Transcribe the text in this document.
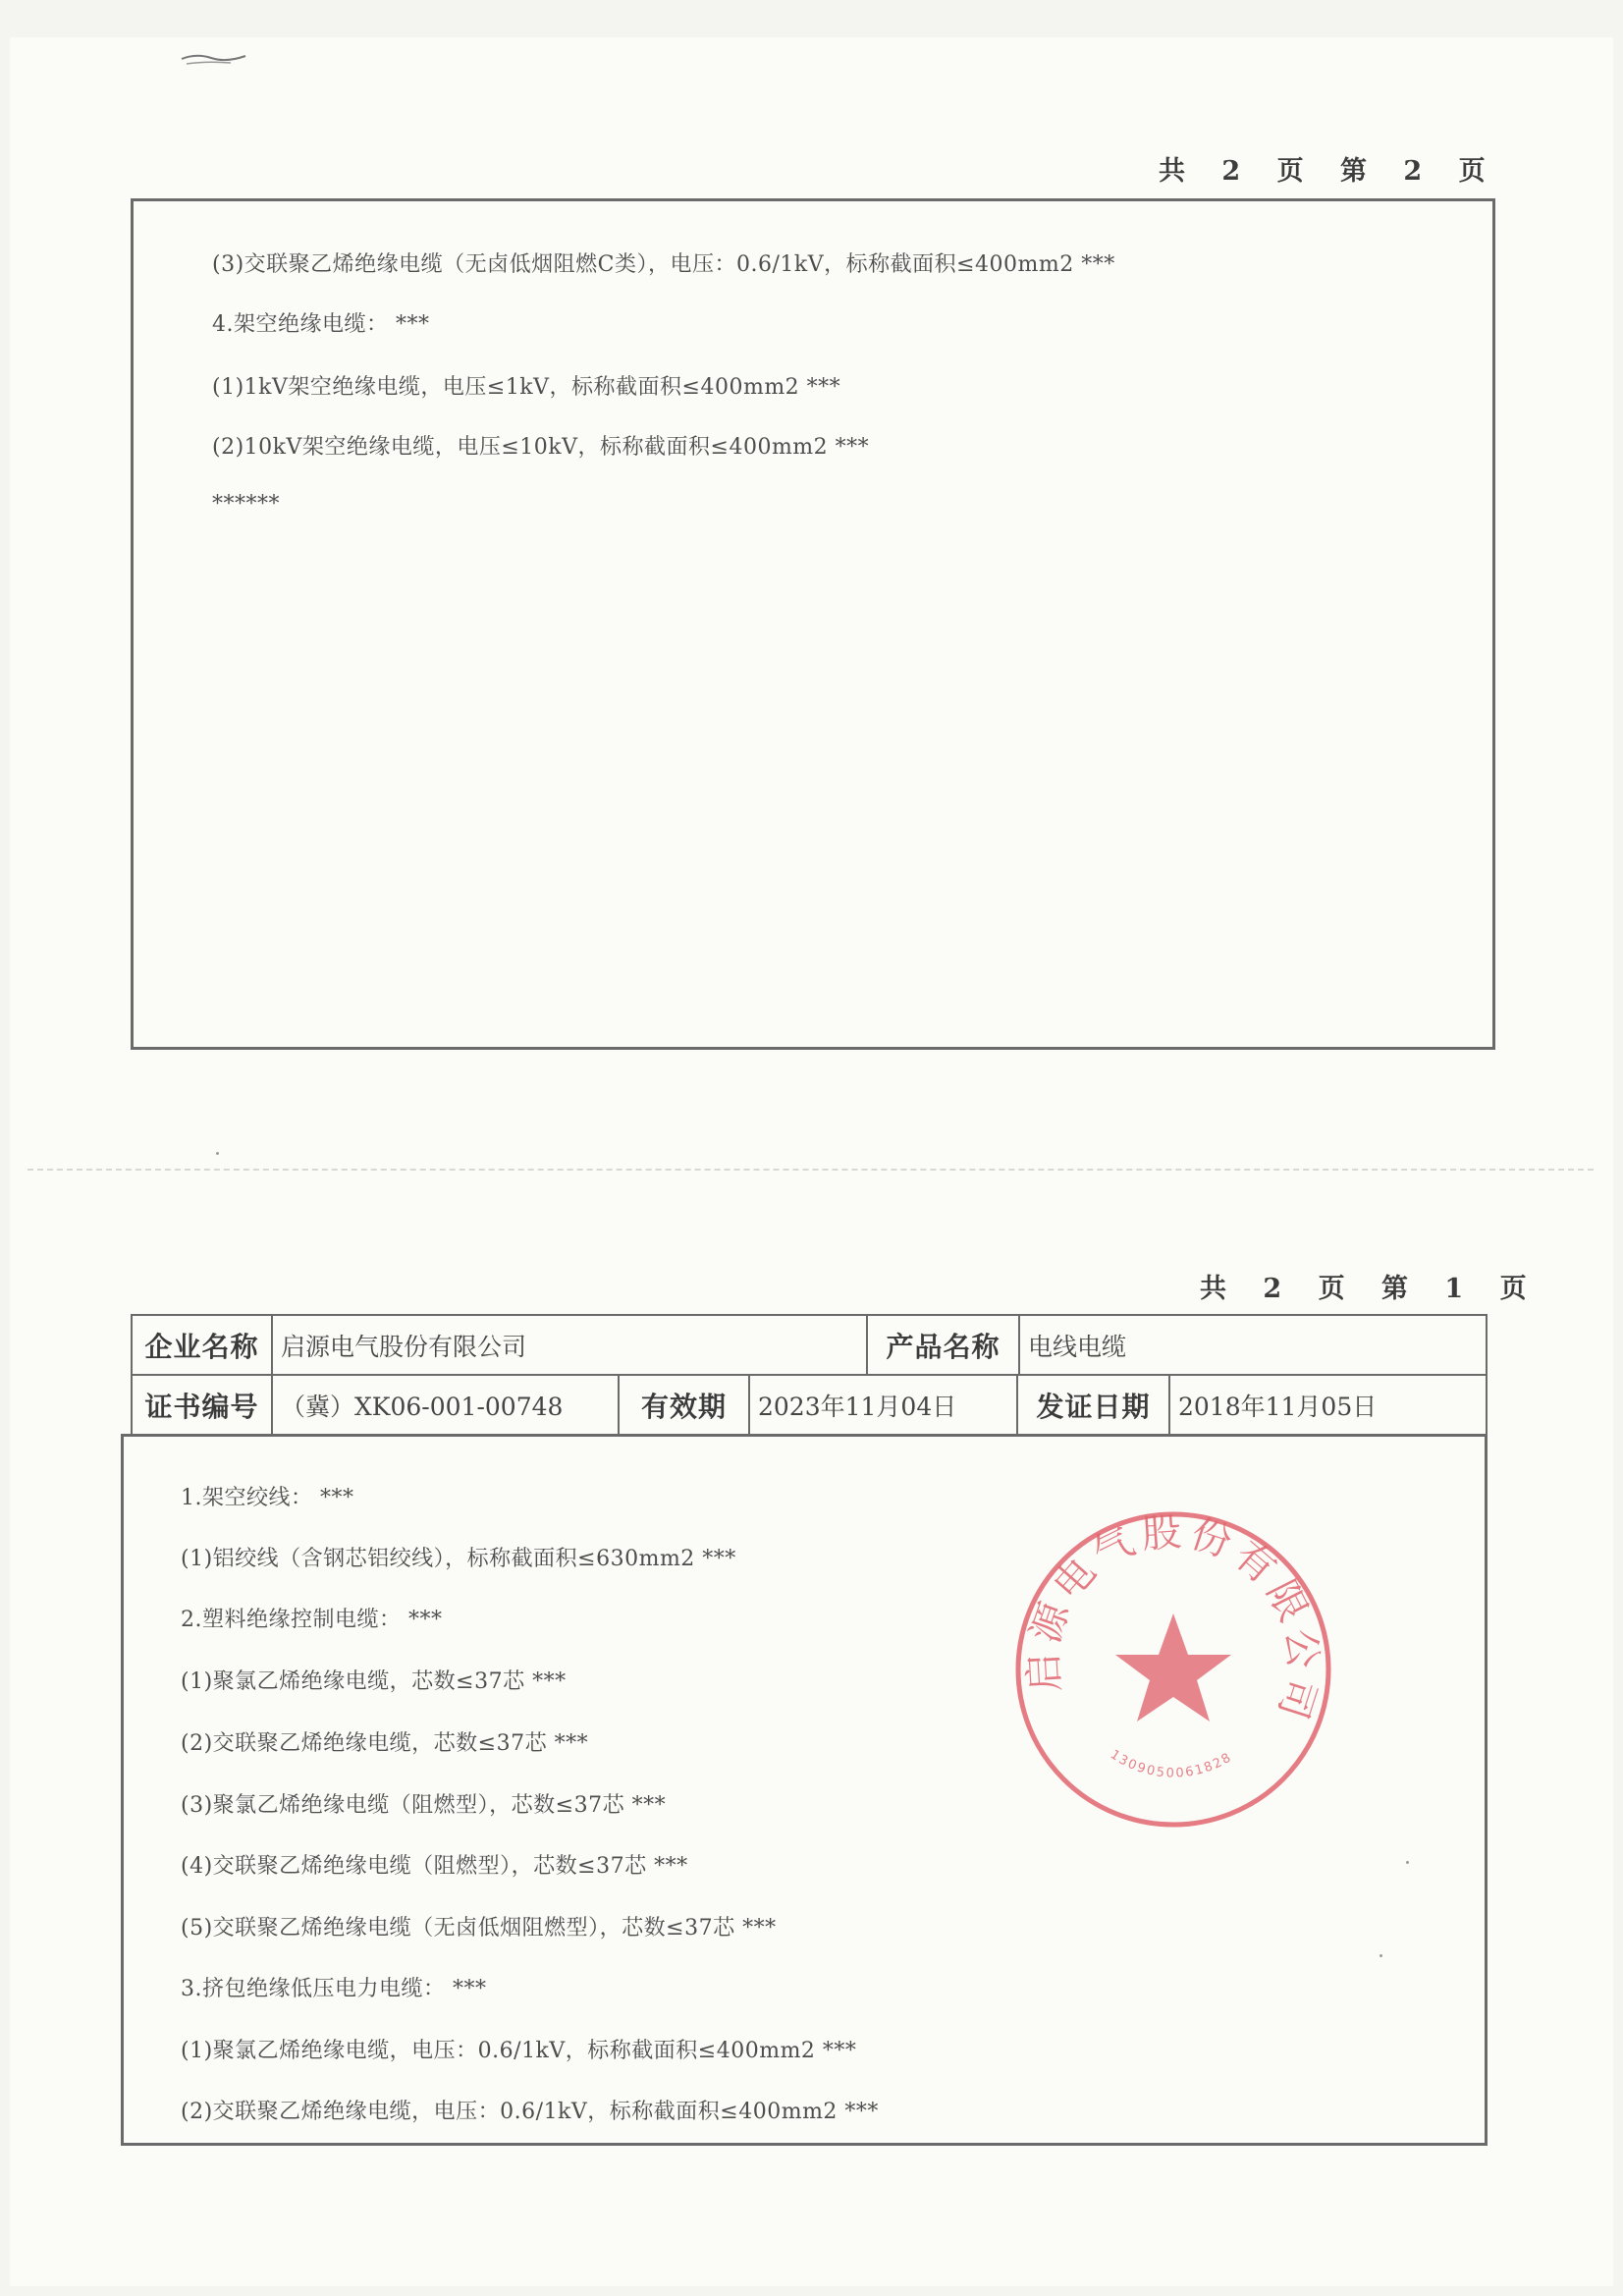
共 2 页 第 2 页
(3)交联聚乙烯绝缘电缆（无卤低烟阻燃C类），电压：0.6/1kV，标称截面积≤400mm2 ***
4.架空绝缘电缆： ***
(1)1kV架空绝缘电缆，电压≤1kV，标称截面积≤400mm2 ***
(2)10kV架空绝缘电缆，电压≤10kV，标称截面积≤400mm2 ***
******
共 2 页 第 1 页
企业名称 启源电气股份有限公司	产品名称	电线电缆
证书编号 （冀）XK06-001-00748	有效期	2023年11月04日	发证日期	2018年11月05日
1.架空绞线： ***
(1)铝绞线（含钢芯铝绞线），标称截面积≤630mm2 ***
2.塑料绝缘控制电缆： ***
(1)聚氯乙烯绝缘电缆，芯数≤37芯 ***
(2)交联聚乙烯绝缘电缆，芯数≤37芯 ***
(3)聚氯乙烯绝缘电缆（阻燃型），芯数≤37芯 ***
(4)交联聚乙烯绝缘电缆（阻燃型），芯数≤37芯 ***
(5)交联聚乙烯绝缘电缆（无卤低烟阻燃型），芯数≤37芯 ***
3.挤包绝缘低压电力电缆： ***
(1)聚氯乙烯绝缘电缆，电压：0.6/1kV，标称截面积≤400mm2 ***
(2)交联聚乙烯绝缘电缆，电压：0.6/1kV，标称截面积≤400mm2 ***
启源电气股份有限公司
1309050061828
